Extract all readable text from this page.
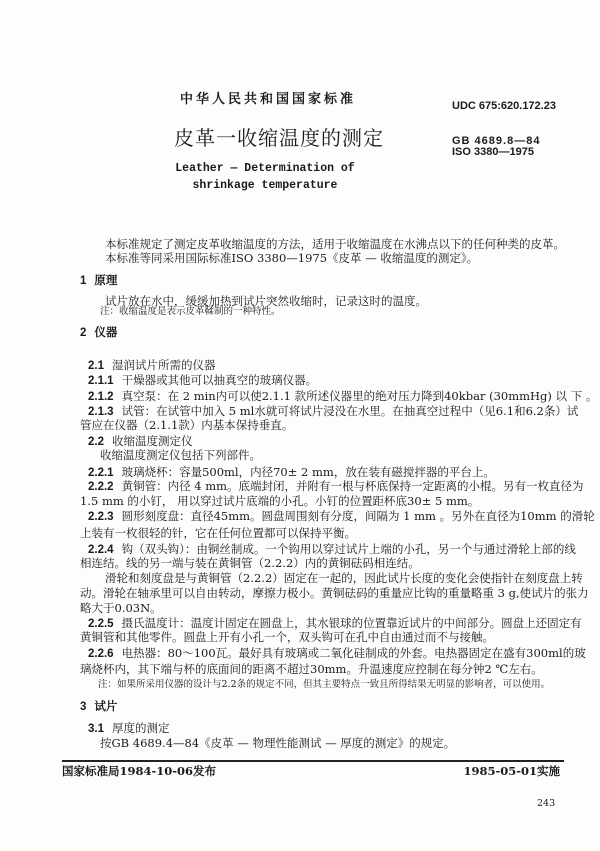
中华人民共和国国家标准	UDC 675:620.172.23
皮革一收缩温度的测定	GB 4689.8—84
ISO 3380—1975
Leather — Determination of
shrinkage temperature
本标准规定了测定皮革收缩温度的方法，适用于收缩温度在水沸点以下的任何种类的皮革。
本标准等同采用国际标准ISO 3380—1975《皮革 — 收缩温度的测定》。
1 原理
试片放在水中，缓缓加热到试片突然收缩时，记录这时的温度。
注：收缩温度是表示皮革鞣制的一种特性。
2 仪器
2.1 湿润试片所需的仪器
2.1.1 干燥器或其他可以抽真空的玻璃仪器。
2.1.2 真空泵：在 2 min内可以使2.1.1 款所述仪器里的绝对压力降到40kbar (30mmHg) 以 下 。
2.1.3 试管：在试管中加入 5 ml水就可将试片浸没在水里。在抽真空过程中（见6.1和6.2条）试
管应在仪器（2.1.1款）内基本保持垂直。
2.2 收缩温度测定仪
收缩温度测定仪包括下列部件。
2.2.1 玻璃烧杯：容量500ml，内径70± 2 mm，放在装有磁搅拌器的平台上。
2.2.2 黄铜管：内径 4 mm。底端封闭，并附有一根与杯底保持一定距离的小棍。另有一枚直径为
1.5 mm 的小钉， 用以穿过试片底端的小孔。小钉的位置距杯底30± 5 mm。
2.2.3 圆形刻度盘：直径45mm。圆盘周围刻有分度，间隔为 1 mm 。另外在直径为10mm 的滑轮
上装有一枚很轻的针，它在任何位置都可以保持平衡。
2.2.4 钩（双头钩）：由铜丝制成。一个钩用以穿过试片上端的小孔，另一个与通过滑轮上部的线
相连结。线的另一端与装在黄铜管（2.2.2）内的黄铜砝码相连结。
滑轮和刻度盘是与黄铜管（2.2.2）固定在一起的，因此试片长度的变化会使指针在刻度盘上转
动。滑轮在轴承里可以自由转动，摩擦力极小。黄铜砝码的重量应比钩的重量略重 3 g,使试片的张力
略大于0.03N。
2.2.5 摄氏温度计：温度计固定在圆盘上，其水银球的位置靠近试片的中间部分。圆盘上还固定有
黄铜管和其他零件。圆盘上开有小孔一个，双头钩可在孔中自由通过而不与接触。
2.2.6 电热器：80～100瓦。最好具有玻璃或二氧化硅制成的外套。电热器固定在盛有300ml的玻
璃烧杯内，其下端与杯的底面间的距离不超过30mm。升温速度应控制在每分钟2 ℃左右。
注：如果所采用仪器的设计与2.2条的规定不同，但其主要特点一致且所得结果无明显的影响者，可以使用。
3 试片
3.1 厚度的测定
按GB 4689.4—84《皮革 — 物理性能测试 — 厚度的测定》的规定。
国家标准局1984-10-06发布	1985-05-01实施
243
